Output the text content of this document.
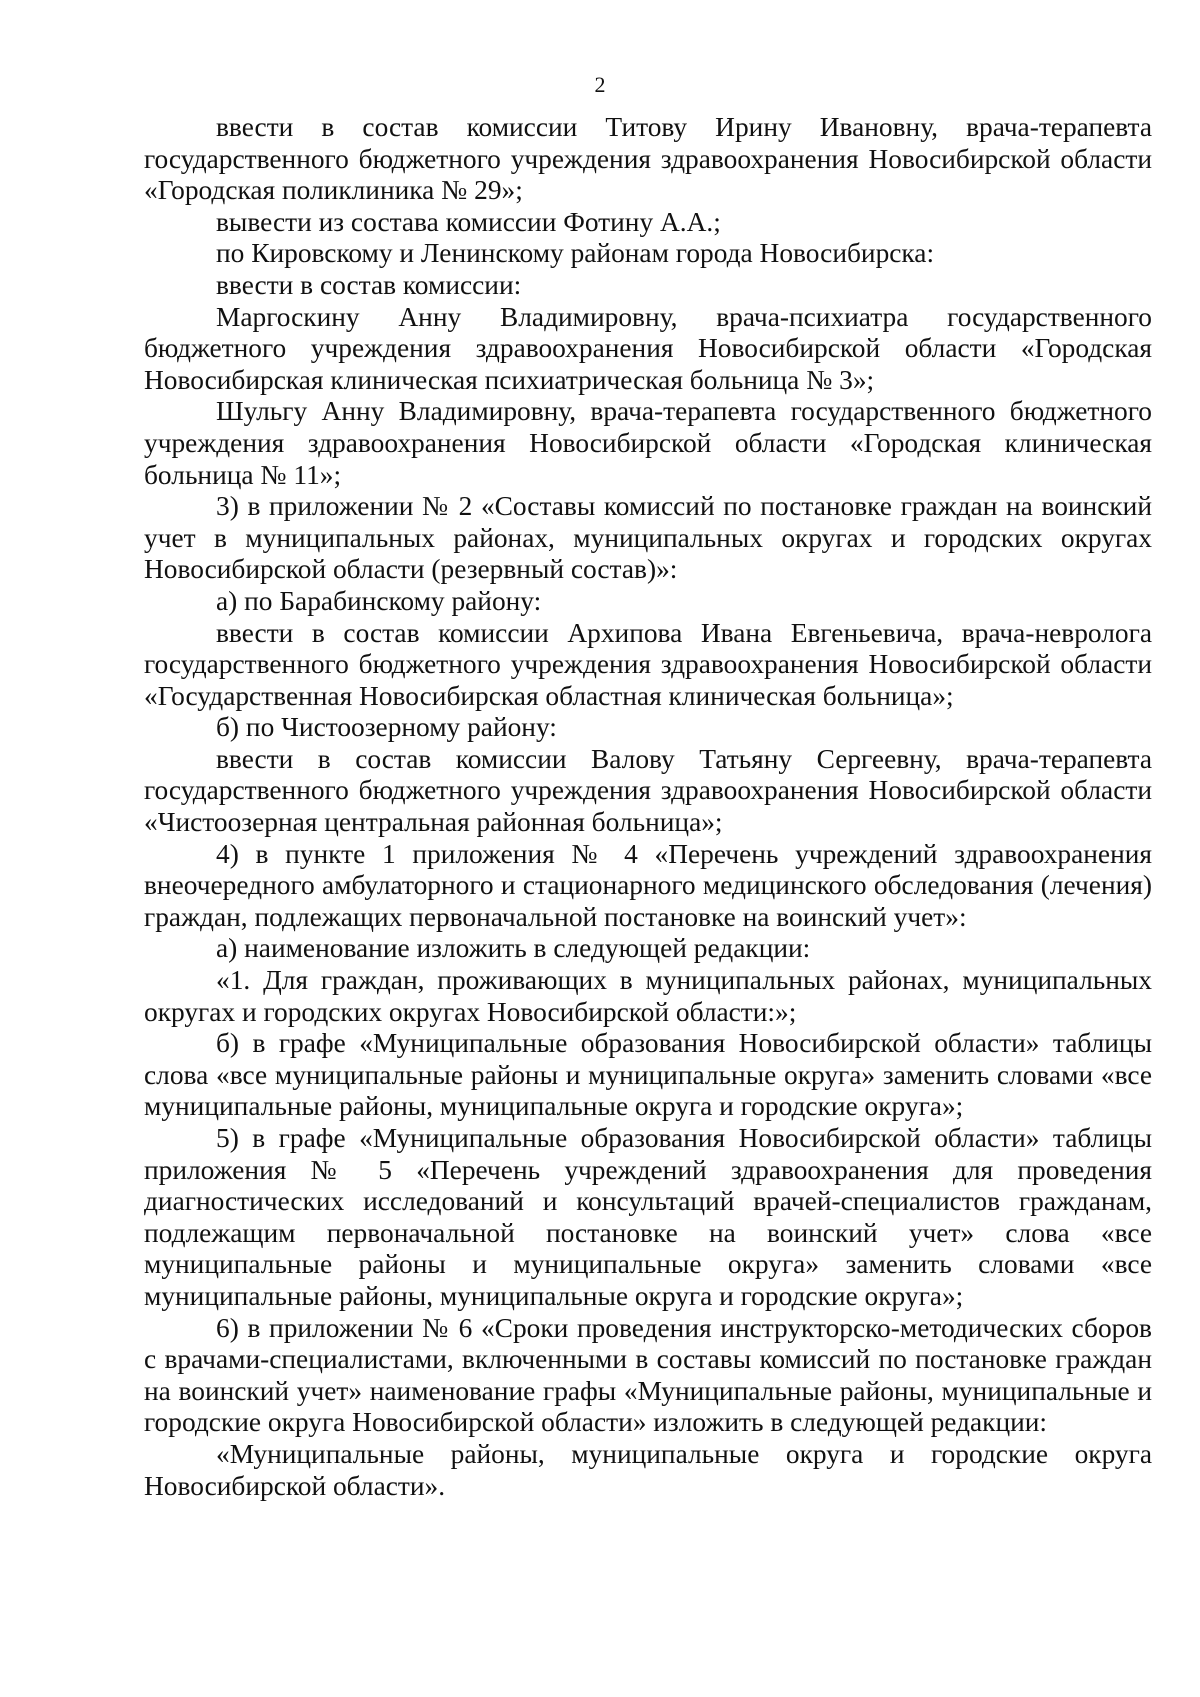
2

ввести в состав комиссии Титову Ирину Ивановну, врача-терапевта государственного бюджетного учреждения здравоохранения Новосибирской области «Городская поликлиника № 29»;

вывести из состава комиссии Фотину А.А.;

по Кировскому и Ленинскому районам города Новосибирска:

ввести в состав комиссии:

Маргоскину Анну Владимировну, врача-психиатра государственного бюджетного учреждения здравоохранения Новосибирской области «Городская Новосибирская клиническая психиатрическая больница № 3»;

Шульгу Анну Владимировну, врача-терапевта государственного бюджетного учреждения здравоохранения Новосибирской области «Городская клиническая больница № 11»;

3) в приложении № 2 «Составы комиссий по постановке граждан на воинский учет в муниципальных районах, муниципальных округах и городских округах Новосибирской области (резервный состав)»:

а) по Барабинскому району:

ввести в состав комиссии Архипова Ивана Евгеньевича, врача-невролога государственного бюджетного учреждения здравоохранения Новосибирской области «Государственная Новосибирская областная клиническая больница»;

б) по Чистоозерному району:

ввести в состав комиссии Валову Татьяну Сергеевну, врача-терапевта государственного бюджетного учреждения здравоохранения Новосибирской области «Чистоозерная центральная районная больница»;

4) в пункте 1 приложения № 4 «Перечень учреждений здравоохранения внеочередного амбулаторного и стационарного медицинского обследования (лечения) граждан, подлежащих первоначальной постановке на воинский учет»:

а) наименование изложить в следующей редакции:

«1. Для граждан, проживающих в муниципальных районах, муниципальных округах и городских округах Новосибирской области:»;

б) в графе «Муниципальные образования Новосибирской области» таблицы слова «все муниципальные районы и муниципальные округа» заменить словами «все муниципальные районы, муниципальные округа и городские округа»;

5) в графе «Муниципальные образования Новосибирской области» таблицы приложения № 5 «Перечень учреждений здравоохранения для проведения диагностических исследований и консультаций врачей-специалистов гражданам, подлежащим первоначальной постановке на воинский учет» слова «все муниципальные районы и муниципальные округа» заменить словами «все муниципальные районы, муниципальные округа и городские округа»;

6) в приложении № 6 «Сроки проведения инструкторско-методических сборов с врачами-специалистами, включенными в составы комиссий по постановке граждан на воинский учет» наименование графы «Муниципальные районы, муниципальные и городские округа Новосибирской области» изложить в следующей редакции:

«Муниципальные районы, муниципальные округа и городские округа Новосибирской области».
